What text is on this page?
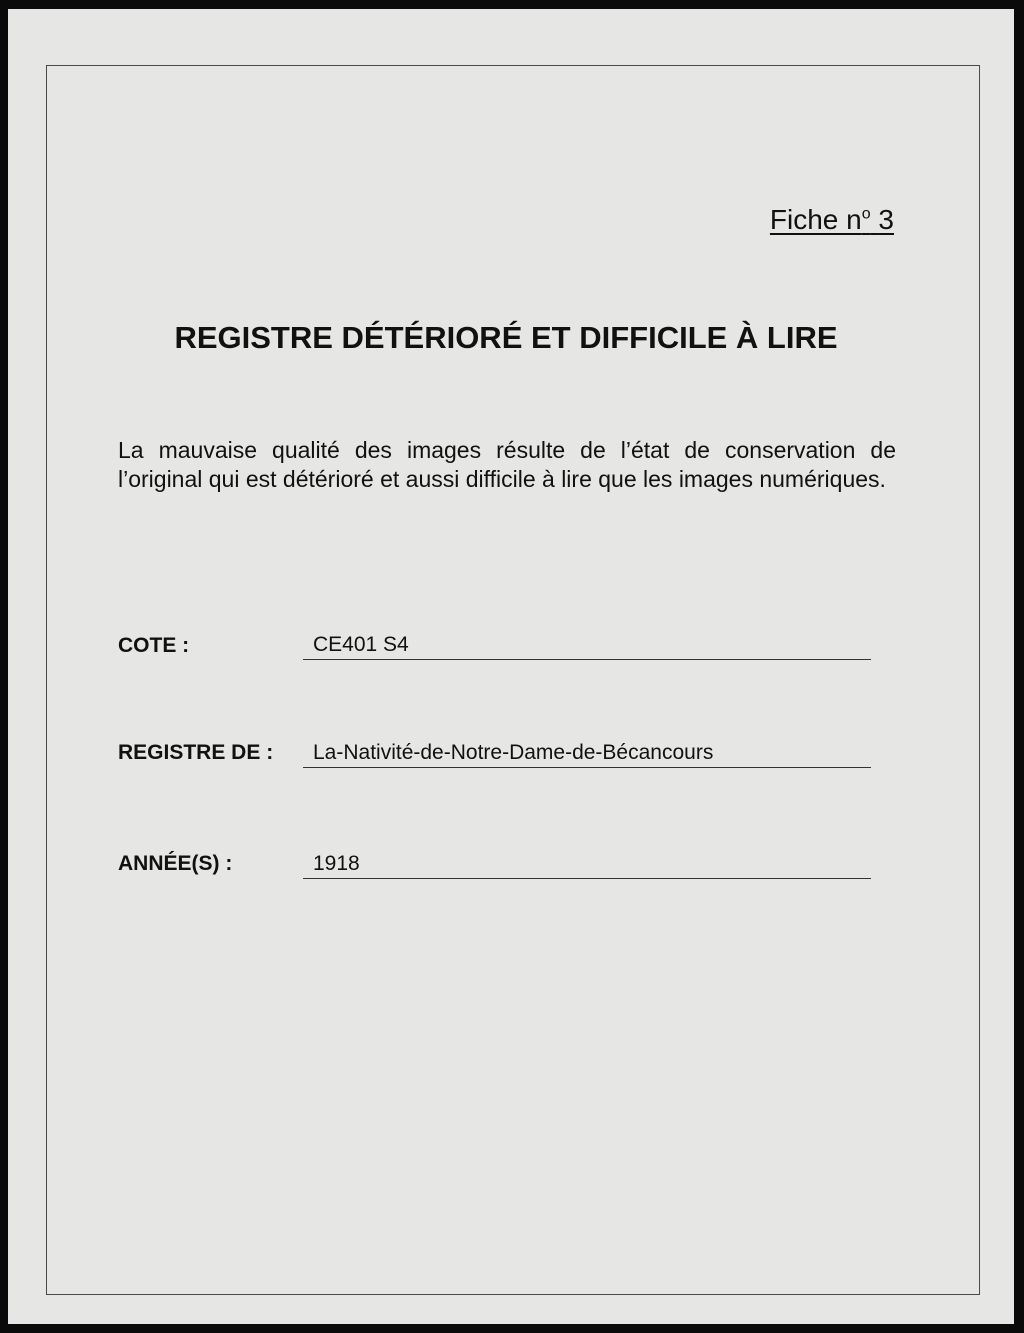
Fiche $n^o$ 3
REGISTRE DÉTÉRIORÉ ET DIFFICILE À LIRE
La mauvaise qualité des images résulte de l’état de conservation de l’original qui est détérioré et aussi difficile à lire que les images numériques.
COTE :	CE401 S4
REGISTRE DE :	La-Nativité-de-Notre-Dame-de-Bécancours
ANNÉE(S) :	1918
